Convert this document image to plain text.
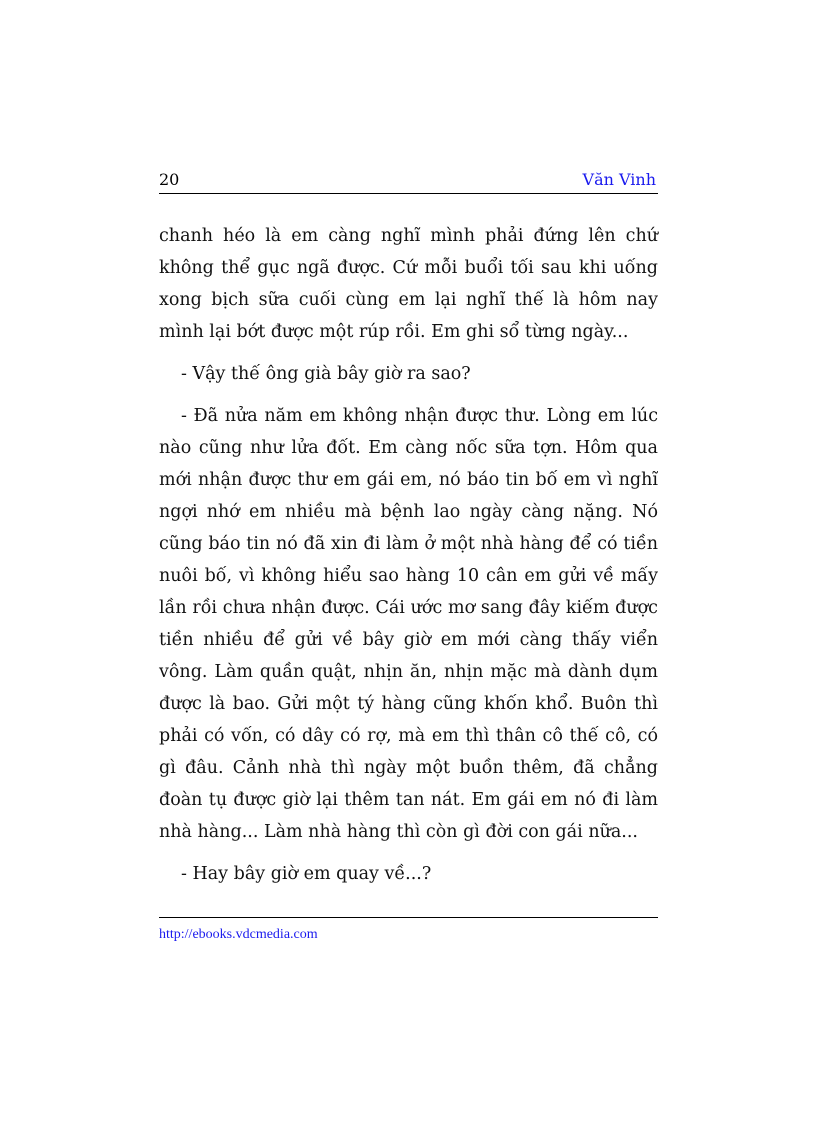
20	Văn Vinh

chanh héo là em càng nghĩ mình phải đứng lên chứ không thể gục ngã được. Cứ mỗi buổi tối sau khi uống xong bịch sữa cuối cùng em lại nghĩ thế là hôm nay mình lại bớt được một rúp rồi. Em ghi sổ từng ngày...

- Vậy thế ông già bây giờ ra sao?

- Đã nửa năm em không nhận được thư. Lòng em lúc nào cũng như lửa đốt. Em càng nốc sữa tợn. Hôm qua mới nhận được thư em gái em, nó báo tin bố em vì nghĩ ngợi nhớ em nhiều mà bệnh lao ngày càng nặng. Nó cũng báo tin nó đã xin đi làm ở một nhà hàng để có tiền nuôi bố, vì không hiểu sao hàng 10 cân em gửi về mấy lần rồi chưa nhận được. Cái ước mơ sang đây kiếm được tiền nhiều để gửi về bây giờ em mới càng thấy viển vông. Làm quần quật, nhịn ăn, nhịn mặc mà dành dụm được là bao. Gửi một tý hàng cũng khốn khổ. Buôn thì phải có vốn, có dây có rợ, mà em thì thân cô thế cô, có gì đâu. Cảnh nhà thì ngày một buồn thêm, đã chẳng đoàn tụ được giờ lại thêm tan nát. Em gái em nó đi làm nhà hàng... Làm nhà hàng thì còn gì đời con gái nữa...

- Hay bây giờ em quay về...?

http://ebooks.vdcmedia.com
